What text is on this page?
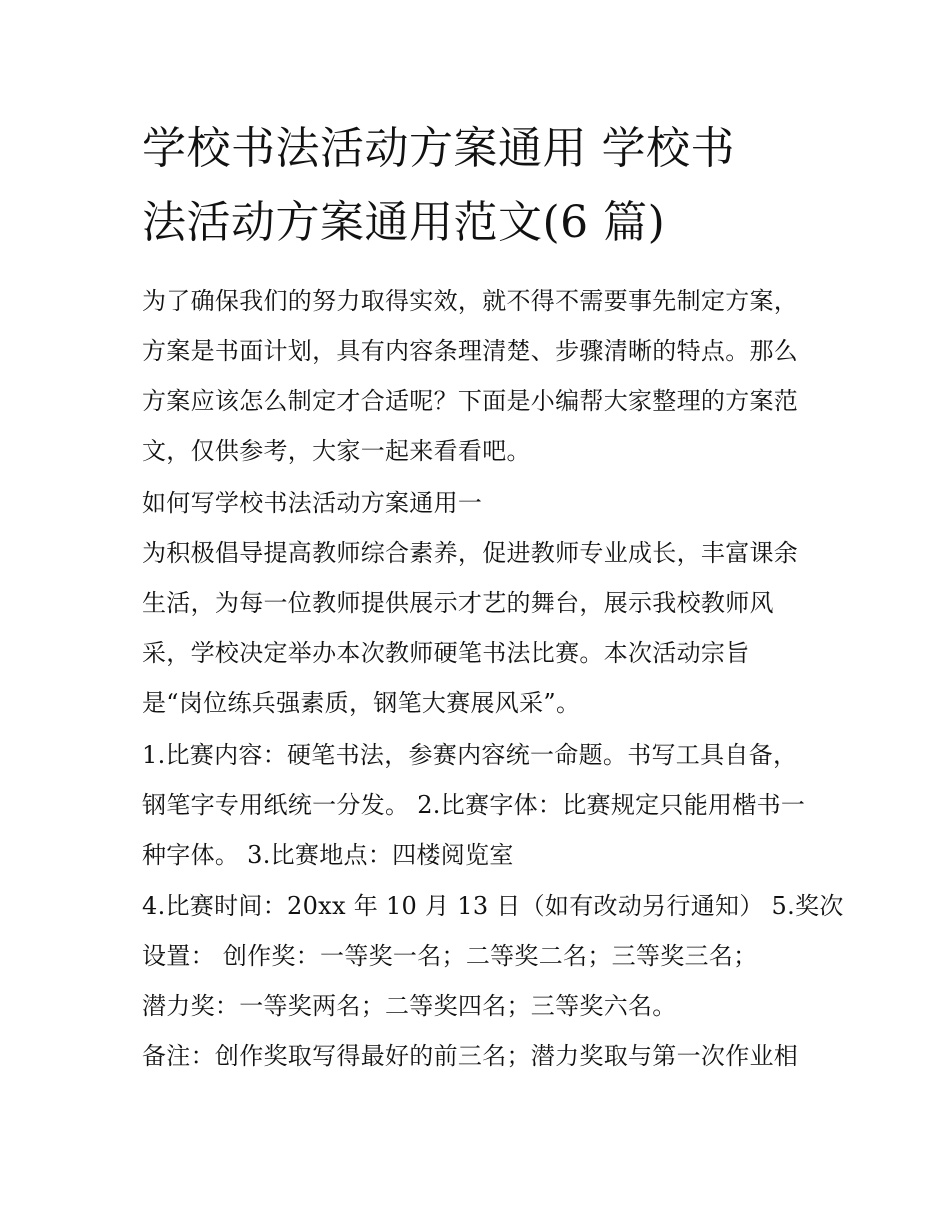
学校书法活动方案通用 学校书
法活动方案通用范文(6 篇)

为了确保我们的努力取得实效，就不得不需要事先制定方案，
方案是书面计划，具有内容条理清楚、步骤清晰的特点。那么
方案应该怎么制定才合适呢？下面是小编帮大家整理的方案范
文，仅供参考，大家一起来看看吧。

如何写学校书法活动方案通用一

为积极倡导提高教师综合素养，促进教师专业成长，丰富课余
生活，为每一位教师提供展示才艺的舞台，展示我校教师风
采，学校决定举办本次教师硬笔书法比赛。本次活动宗旨
是“岗位练兵强素质，钢笔大赛展风采”。

1.比赛内容：硬笔书法，参赛内容统一命题。书写工具自备，
钢笔字专用纸统一分发。 2.比赛字体：比赛规定只能用楷书一
种字体。 3.比赛地点：四楼阅览室

4.比赛时间：20xx 年 10 月 13 日（如有改动另行通知） 5.奖次
设置： 创作奖：一等奖一名；二等奖二名；三等奖三名；
潜力奖：一等奖两名；二等奖四名；三等奖六名。

备注：创作奖取写得最好的前三名；潜力奖取与第一次作业相
